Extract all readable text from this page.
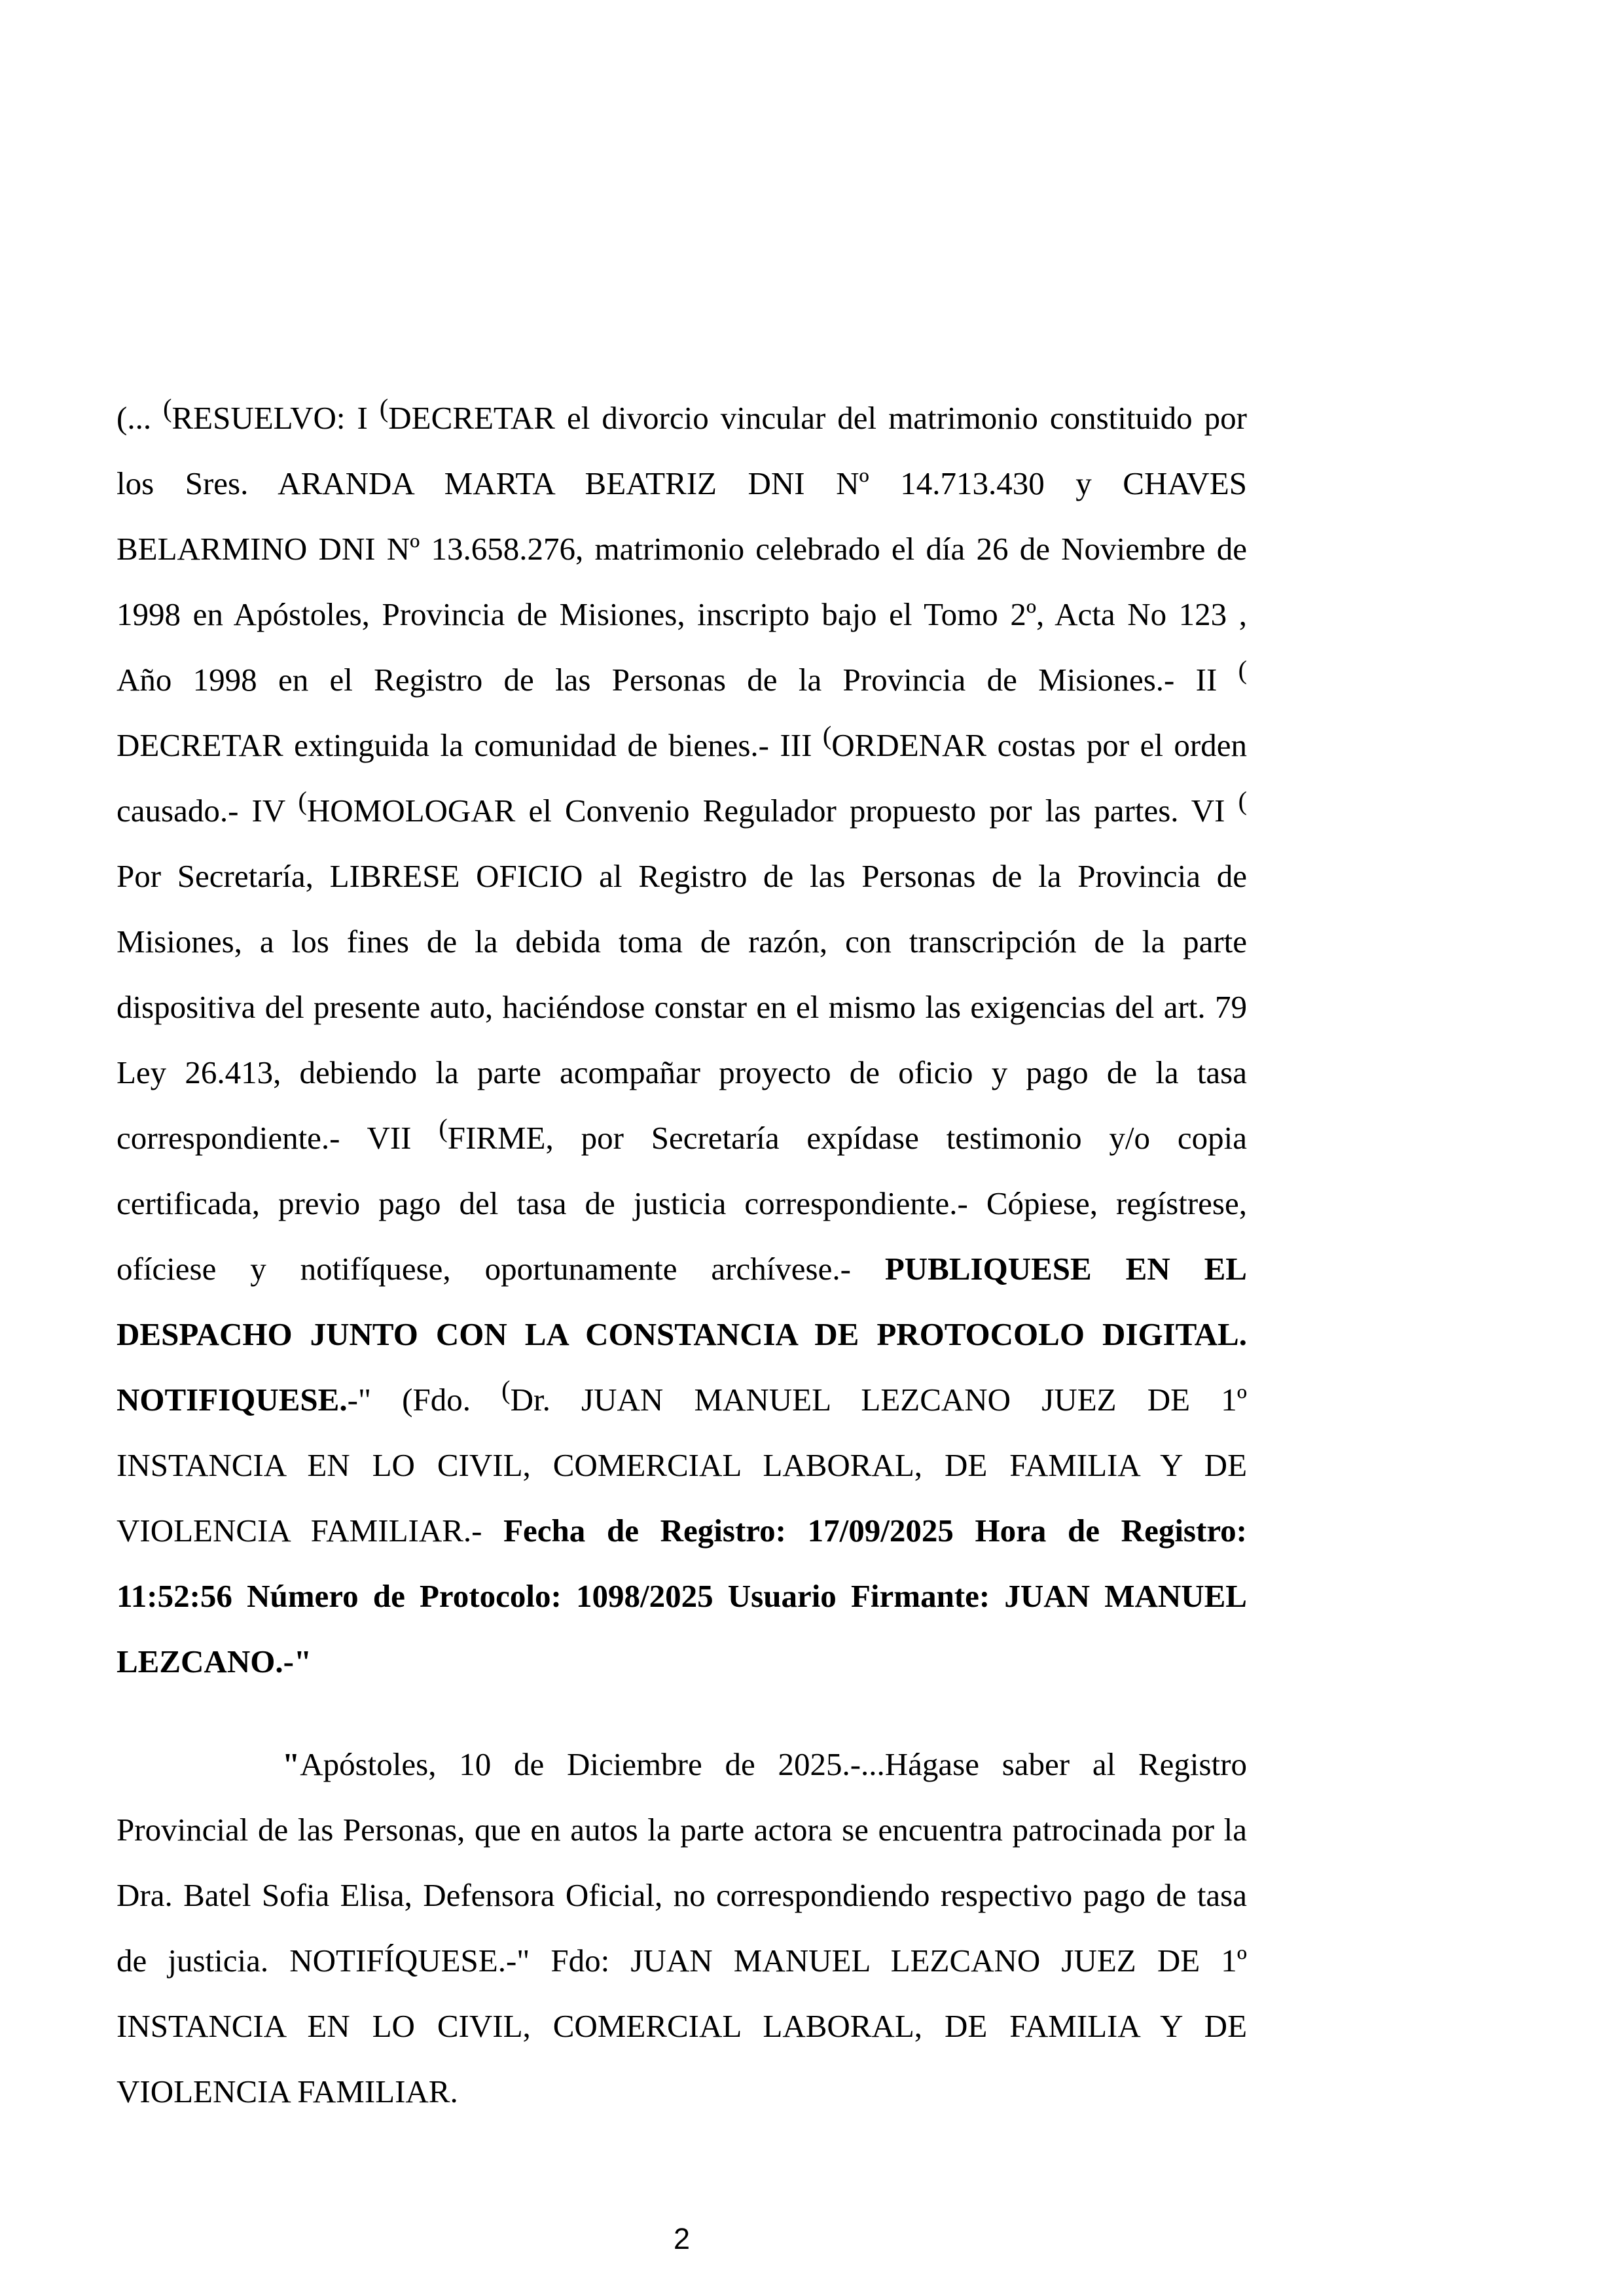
(... (RESUELVO: I (DECRETAR el divorcio vincular del matrimonio constituido por
los Sres. ARANDA MARTA BEATRIZ DNI Nº 14.713.430 y CHAVES
BELARMINO DNI Nº 13.658.276, matrimonio celebrado el día 26 de Noviembre de
1998 en Apóstoles, Provincia de Misiones, inscripto bajo el Tomo 2º, Acta No 123 ,
Año 1998 en el Registro de las Personas de la Provincia de Misiones.- II (
DECRETAR extinguida la comunidad de bienes.- III (ORDENAR costas por el orden
causado.- IV (HOMOLOGAR el Convenio Regulador propuesto por las partes. VI (
Por Secretaría, LIBRESE OFICIO al Registro de las Personas de la Provincia de
Misiones, a los fines de la debida toma de razón, con transcripción de la parte
dispositiva del presente auto, haciéndose constar en el mismo las exigencias del art. 79
Ley 26.413, debiendo la parte acompañar proyecto de oficio y pago de la tasa
correspondiente.- VII (FIRME, por Secretaría expídase testimonio y/o copia
certificada, previo pago del tasa de justicia correspondiente.- Cópiese, regístrese,
ofíciese y notifíquese, oportunamente archívese.- PUBLIQUESE EN EL
DESPACHO JUNTO CON LA CONSTANCIA DE PROTOCOLO DIGITAL.
NOTIFIQUESE.-" (Fdo. (Dr. JUAN MANUEL LEZCANO JUEZ DE 1º
INSTANCIA EN LO CIVIL, COMERCIAL LABORAL, DE FAMILIA Y DE
VIOLENCIA FAMILIAR.- Fecha de Registro: 17/09/2025 Hora de Registro:
11:52:56 Número de Protocolo: 1098/2025 Usuario Firmante: JUAN MANUEL
LEZCANO.-"
"Apóstoles, 10 de Diciembre de 2025.-...Hágase saber al Registro
Provincial de las Personas, que en autos la parte actora se encuentra patrocinada por la
Dra. Batel Sofia Elisa, Defensora Oficial, no correspondiendo respectivo pago de tasa
de justicia. NOTIFÍQUESE.-" Fdo: JUAN MANUEL LEZCANO JUEZ DE 1º
INSTANCIA EN LO CIVIL, COMERCIAL LABORAL, DE FAMILIA Y DE
VIOLENCIA FAMILIAR.
2
